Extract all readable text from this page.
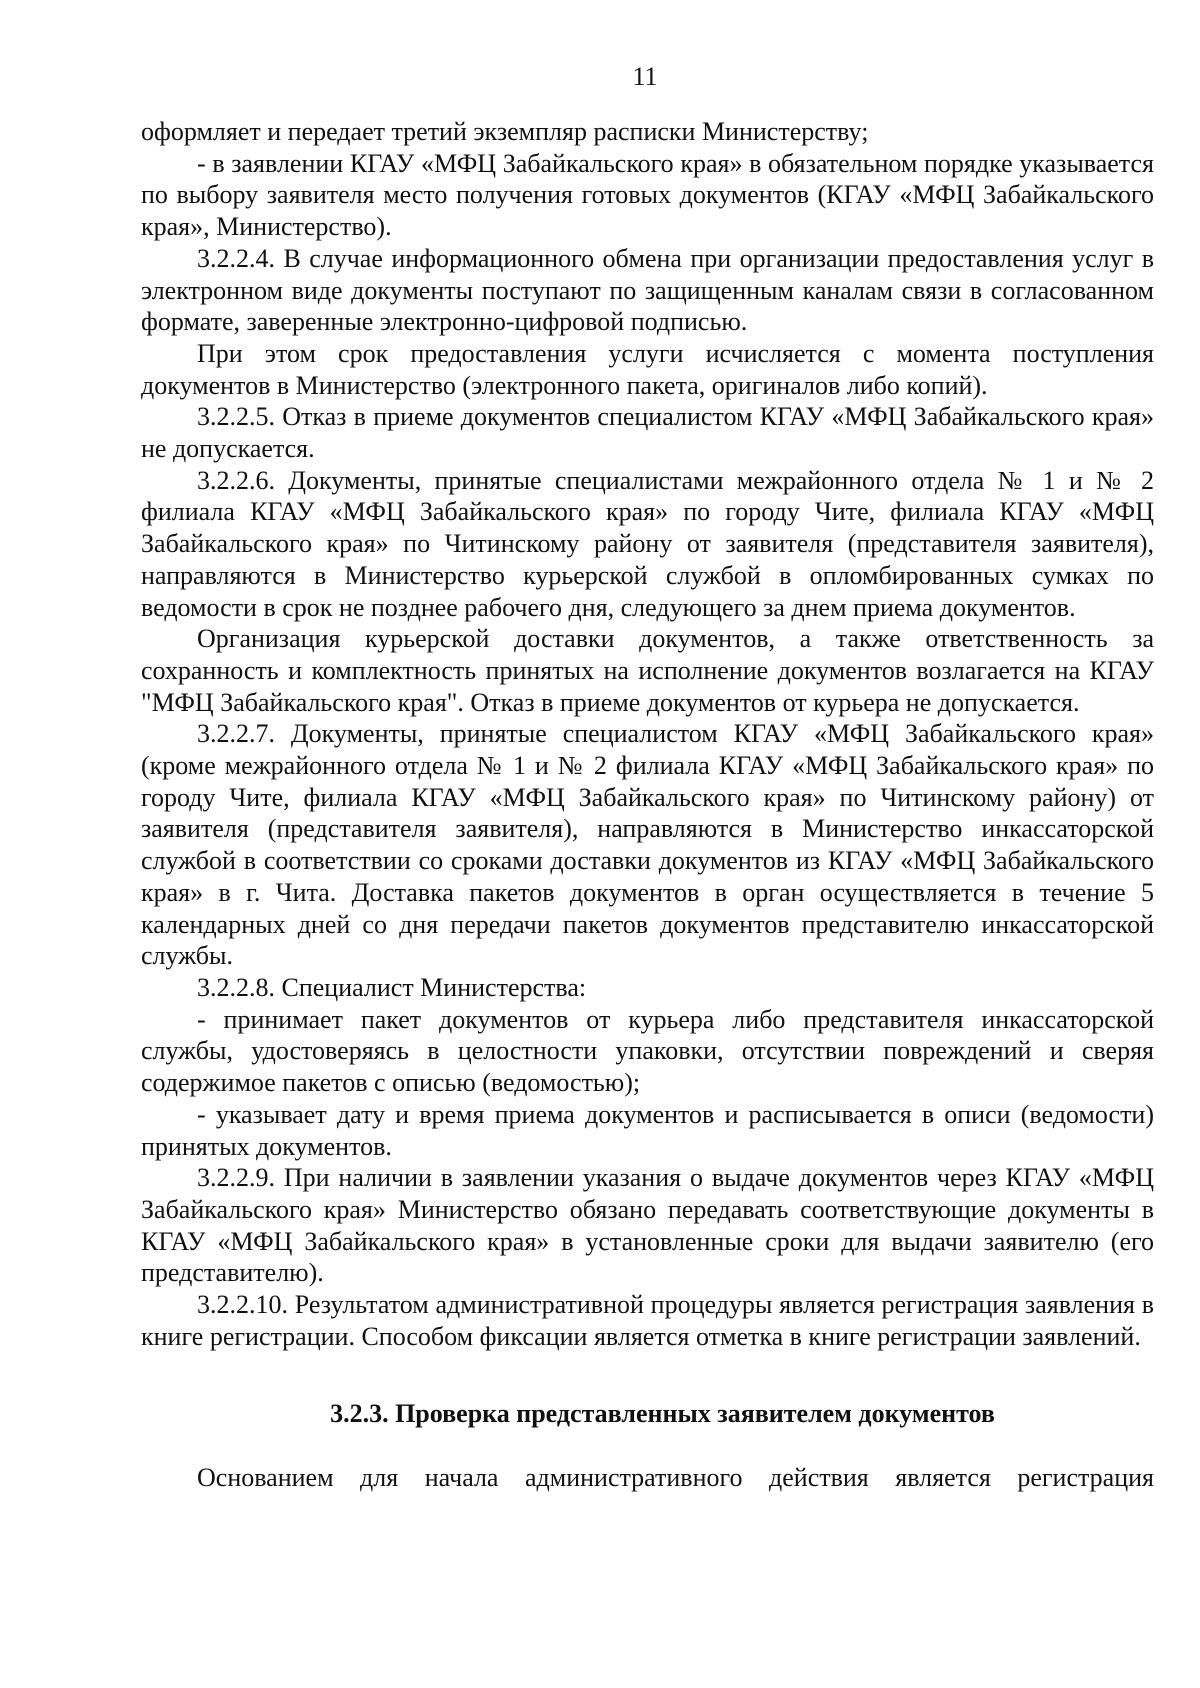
11

оформляет и передает третий экземпляр расписки Министерству;

- в заявлении КГАУ «МФЦ Забайкальского края» в обязательном порядке указывается по выбору заявителя место получения готовых документов (КГАУ «МФЦ Забайкальского края», Министерство).

3.2.2.4. В случае информационного обмена при организации предоставления услуг в электронном виде документы поступают по защищенным каналам связи в согласованном формате, заверенные электронно-цифровой подписью.

При этом срок предоставления услуги исчисляется с момента поступления документов в Министерство (электронного пакета, оригиналов либо копий).

3.2.2.5. Отказ в приеме документов специалистом КГАУ «МФЦ Забайкальского края» не допускается.

3.2.2.6. Документы, принятые специалистами межрайонного отдела № 1 и № 2 филиала КГАУ «МФЦ Забайкальского края» по городу Чите, филиала КГАУ «МФЦ Забайкальского края» по Читинскому району от заявителя (представителя заявителя), направляются в Министерство курьерской службой в опломбированных сумках по ведомости в срок не позднее рабочего дня, следующего за днем приема документов.

Организация курьерской доставки документов, а также ответственность за сохранность и комплектность принятых на исполнение документов возлагается на КГАУ "МФЦ Забайкальского края". Отказ в приеме документов от курьера не допускается.

3.2.2.7. Документы, принятые специалистом КГАУ «МФЦ Забайкальского края» (кроме межрайонного отдела № 1 и № 2 филиала КГАУ «МФЦ Забайкальского края» по городу Чите, филиала КГАУ «МФЦ Забайкальского края» по Читинскому району) от заявителя (представителя заявителя), направляются в Министерство инкассаторской службой в соответствии со сроками доставки документов из КГАУ «МФЦ Забайкальского края» в г. Чита. Доставка пакетов документов в орган осуществляется в течение 5 календарных дней со дня передачи пакетов документов представителю инкассаторской службы.

3.2.2.8. Специалист Министерства:

- принимает пакет документов от курьера либо представителя инкассаторской службы, удостоверяясь в целостности упаковки, отсутствии повреждений и сверяя содержимое пакетов с описью (ведомостью);

- указывает дату и время приема документов и расписывается в описи (ведомости) принятых документов.

3.2.2.9. При наличии в заявлении указания о выдаче документов через КГАУ «МФЦ Забайкальского края» Министерство обязано передавать соответствующие документы в КГАУ «МФЦ Забайкальского края» в установленные сроки для выдачи заявителю (его представителю).

3.2.2.10. Результатом административной процедуры является регистрация заявления в книге регистрации. Способом фиксации является отметка в книге регистрации заявлений.

3.2.3. Проверка представленных заявителем документов

Основанием для начала административного действия является регистрация
